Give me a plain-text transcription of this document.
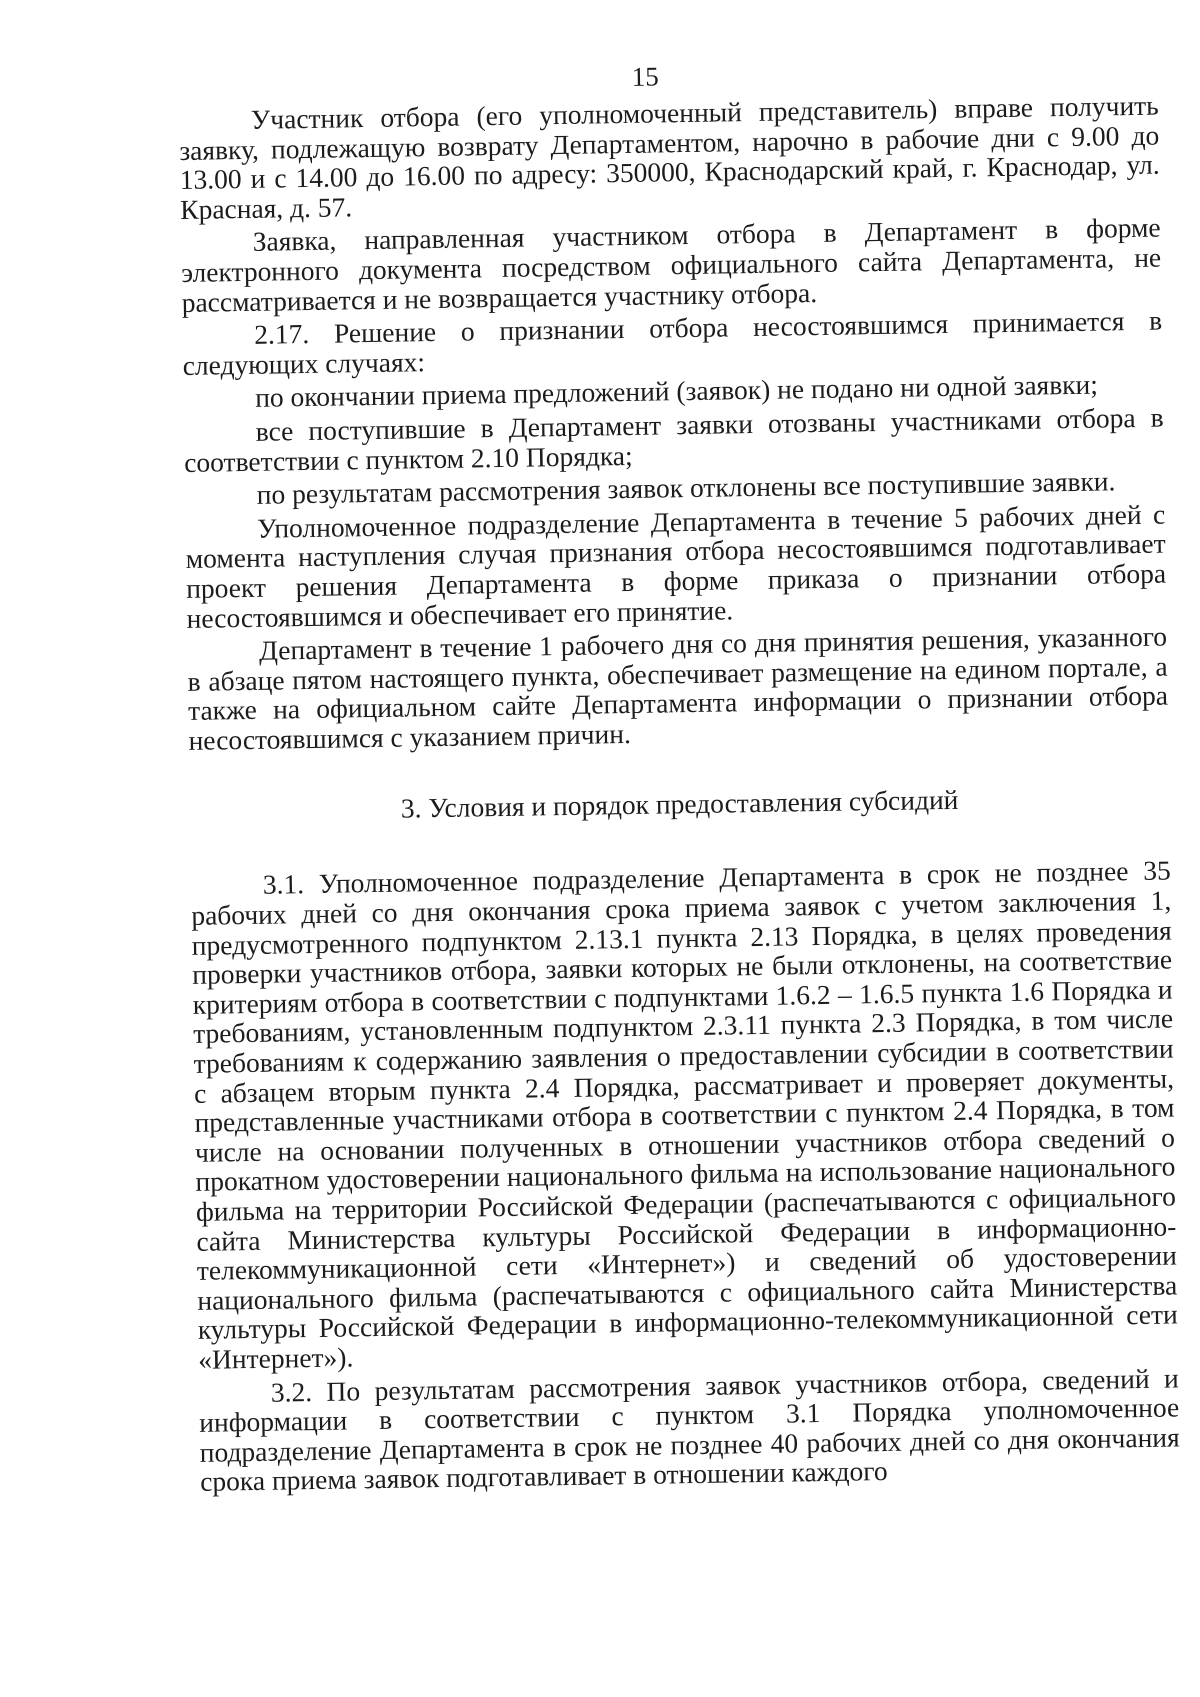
15

Участник отбора (его уполномоченный представитель) вправе получить заявку, подлежащую возврату Департаментом, нарочно в рабочие дни с 9.00 до 13.00 и с 14.00 до 16.00 по адресу: 350000, Краснодарский край, г. Краснодар, ул. Красная, д. 57.

Заявка, направленная участником отбора в Департамент в форме электронного документа посредством официального сайта Департамента, не рассматривается и не возвращается участнику отбора.

2.17. Решение о признании отбора несостоявшимся принимается в следующих случаях:

по окончании приема предложений (заявок) не подано ни одной заявки;

все поступившие в Департамент заявки отозваны участниками отбора в соответствии с пунктом 2.10 Порядка;

по результатам рассмотрения заявок отклонены все поступившие заявки.

Уполномоченное подразделение Департамента в течение 5 рабочих дней с момента наступления случая признания отбора несостоявшимся подготавливает проект решения Департамента в форме приказа о признании отбора несостоявшимся и обеспечивает его принятие.

Департамент в течение 1 рабочего дня со дня принятия решения, указанного в абзаце пятом настоящего пункта, обеспечивает размещение на едином портале, а также на официальном сайте Департамента информации о признании отбора несостоявшимся с указанием причин.

3. Условия и порядок предоставления субсидий

3.1. Уполномоченное подразделение Департамента в срок не позднее 35 рабочих дней со дня окончания срока приема заявок с учетом заключения 1, предусмотренного подпунктом 2.13.1 пункта 2.13 Порядка, в целях проведения проверки участников отбора, заявки которых не были отклонены, на соответствие критериям отбора в соответствии с подпунктами 1.6.2 – 1.6.5 пункта 1.6 Порядка и требованиям, установленным подпунктом 2.3.11 пункта 2.3 Порядка, в том числе требованиям к содержанию заявления о предоставлении субсидии в соответствии с абзацем вторым пункта 2.4 Порядка, рассматривает и проверяет документы, представленные участниками отбора в соответствии с пунктом 2.4 Порядка, в том числе на основании полученных в отношении участников отбора сведений о прокатном удостоверении национального фильма на использование национального фильма на территории Российской Федерации (распечатываются с официального сайта Министерства культуры Российской Федерации в информационно-телекоммуникационной сети «Интернет») и сведений об удостоверении национального фильма (распечатываются с официального сайта Министерства культуры Российской Федерации в информационно-телекоммуникационной сети «Интернет»).

3.2. По результатам рассмотрения заявок участников отбора, сведений и информации в соответствии с пунктом 3.1 Порядка уполномоченное подразделение Департамента в срок не позднее 40 рабочих дней со дня окончания срока приема заявок подготавливает в отношении каждого
